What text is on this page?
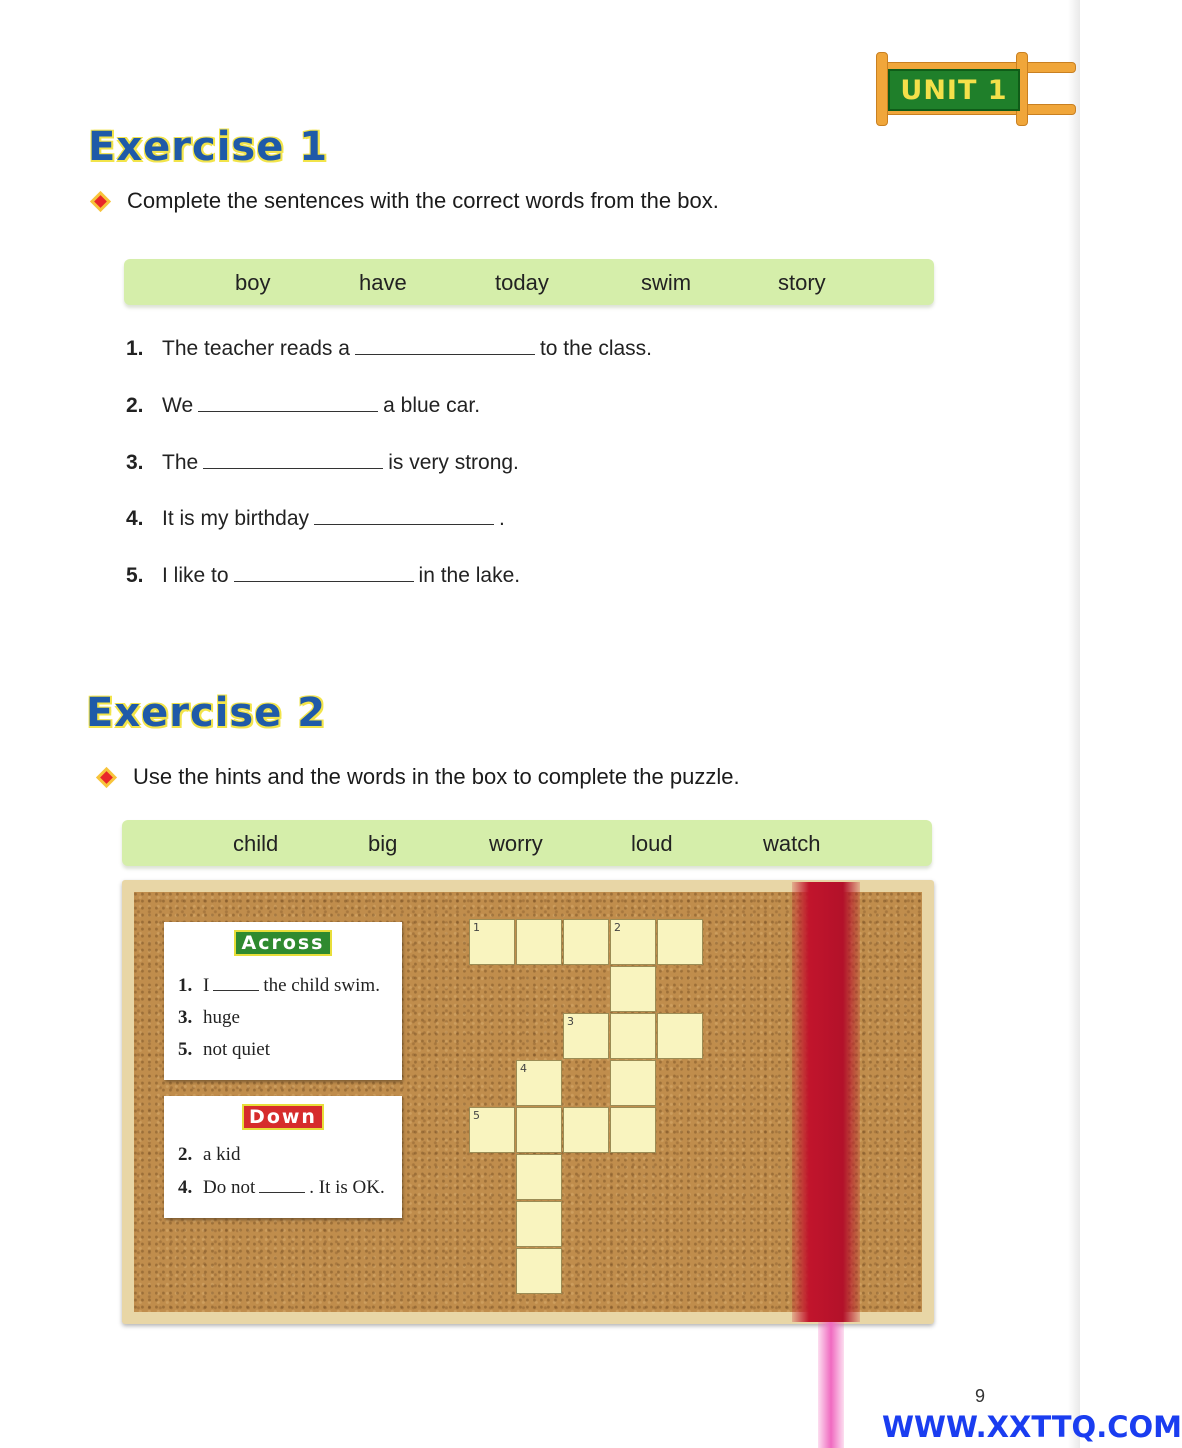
UNIT
1
Exercise 1
Complete the sentences with the correct words from the box.
boy	have	today	swim	story
1. The teacher reads a	to the class.
2. We	a blue car.
3. The	is very strong.
4. It is my birthday	.
5. I like to	in the lake.
Exercise 2
Use the hints and the words in the box to complete the puzzle.
child	big	worry	loud	watch
Across
1. I	the child swim.
3. huge
5. not quiet
Down
2. a kid
4. Do not	. It is OK.
1	2
3
4
5
9
WWW.XXTTQ.COM
